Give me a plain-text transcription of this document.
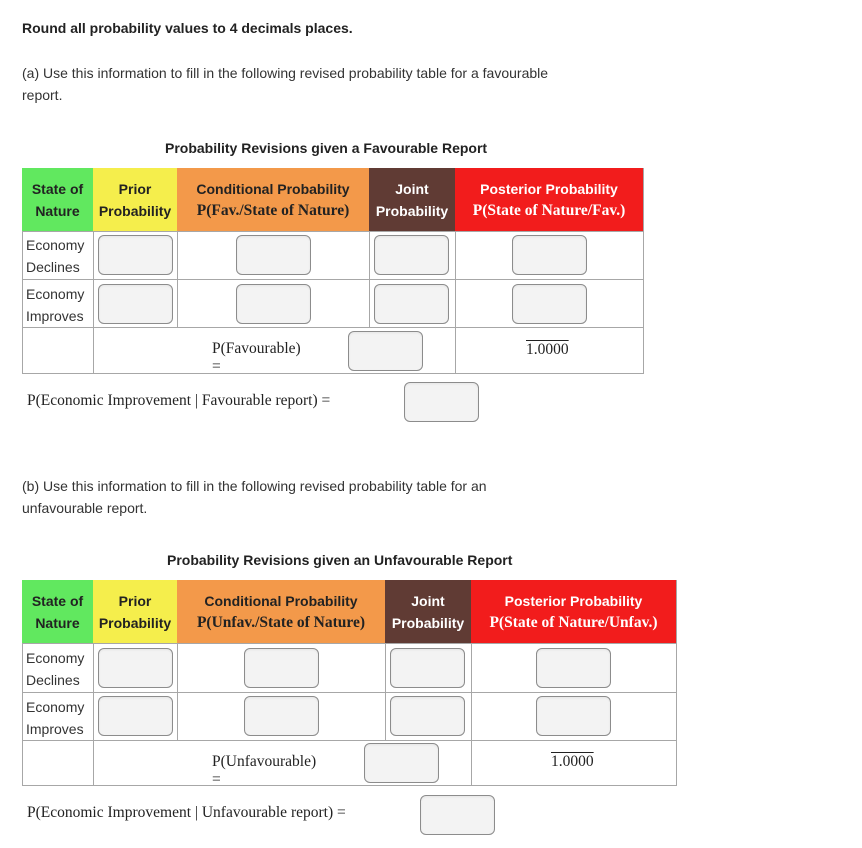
Round all probability values to 4 decimals places.
(a) Use this information to fill in the following revised probability table for a favourable
report.
Probability Revisions given a Favourable Report
State of
Nature
Prior
Probability
Conditional Probability
P(Fav./State of Nature)
Joint
Probability
Posterior Probability
P(State of Nature/Fav.)
Economy
Declines
Economy
Improves
P(Favourable) =
1.0000
P(Economic Improvement | Favourable report) =
(b) Use this information to fill in the following revised probability table for an
unfavourable report.
Probability Revisions given an Unfavourable Report
State of
Nature
Prior
Probability
Conditional Probability
P(Unfav./State of Nature)
Joint
Probability
Posterior Probability
P(State of Nature/Unfav.)
Economy
Declines
Economy
Improves
P(Unfavourable) =
1.0000
P(Economic Improvement | Unfavourable report) =
